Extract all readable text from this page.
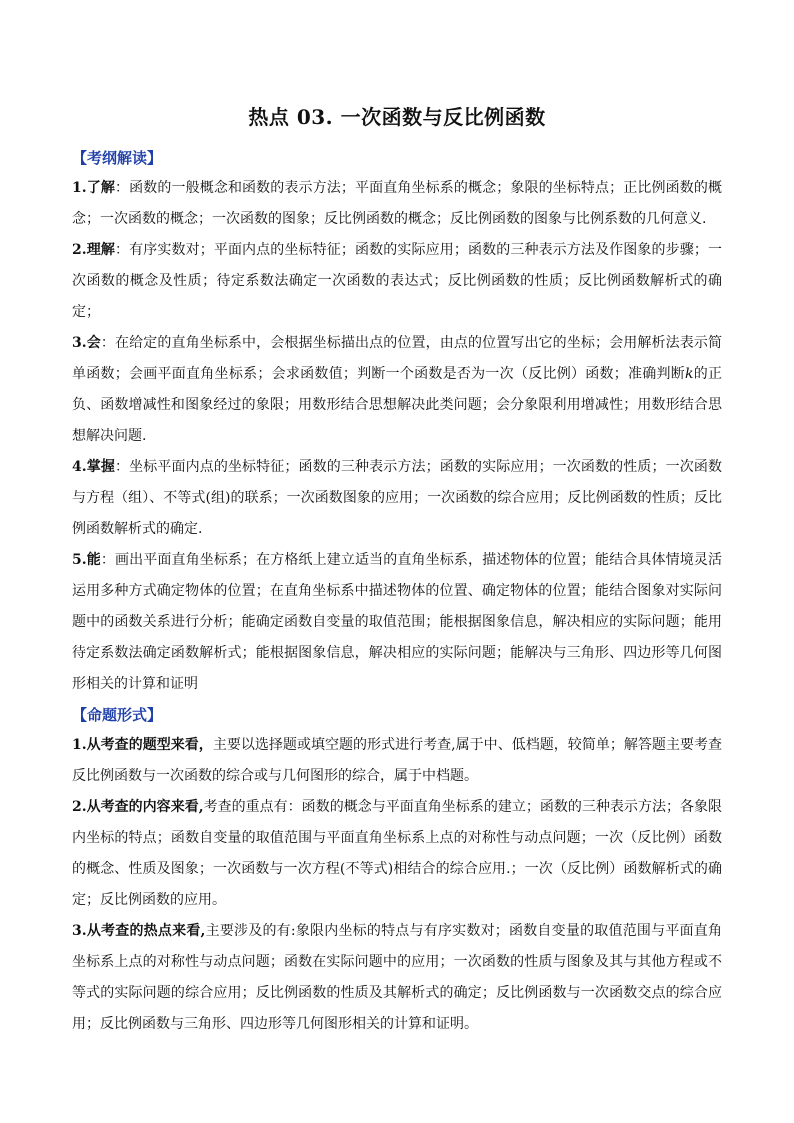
热点 03. 一次函数与反比例函数
【考纲解读】

1.了解：函数的一般概念和函数的表示方法；平面直角坐标系的概念；象限的坐标特点；正比例函数的概念；一次函数的概念；一次函数的图象；反比例函数的概念；反比例函数的图象与比例系数的几何意义.

2.理解：有序实数对；平面内点的坐标特征；函数的实际应用；函数的三种表示方法及作图象的步骤；一次函数的概念及性质；待定系数法确定一次函数的表达式；反比例函数的性质；反比例函数解析式的确定；

3.会：在给定的直角坐标系中，会根据坐标描出点的位置，由点的位置写出它的坐标；会用解析法表示简单函数；会画平面直角坐标系；会求函数值；判断一个函数是否为一次（反比例）函数；准确判断k的正负、函数增减性和图象经过的象限；用数形结合思想解决此类问题；会分象限利用增减性；用数形结合思想解决问题.

4.掌握：坐标平面内点的坐标特征；函数的三种表示方法；函数的实际应用；一次函数的性质；一次函数与方程（组）、不等式(组)的联系；一次函数图象的应用；一次函数的综合应用；反比例函数的性质；反比例函数解析式的确定.

5.能：画出平面直角坐标系；在方格纸上建立适当的直角坐标系，描述物体的位置；能结合具体情境灵活运用多种方式确定物体的位置；在直角坐标系中描述物体的位置、确定物体的位置；能结合图象对实际问题中的函数关系进行分析；能确定函数自变量的取值范围；能根据图象信息，解决相应的实际问题；能用待定系数法确定函数解析式；能根据图象信息，解决相应的实际问题；能解决与三角形、四边形等几何图形相关的计算和证明

【命题形式】

1.从考查的题型来看，主要以选择题或填空题的形式进行考查,属于中、低档题，较简单；解答题主要考查反比例函数与一次函数的综合或与几何图形的综合，属于中档题。

2.从考查的内容来看,考查的重点有：函数的概念与平面直角坐标系的建立；函数的三种表示方法；各象限内坐标的特点；函数自变量的取值范围与平面直角坐标系上点的对称性与动点问题；一次（反比例）函数的概念、性质及图象；一次函数与一次方程(不等式)相结合的综合应用.；一次（反比例）函数解析式的确定；反比例函数的应用。

3.从考查的热点来看,主要涉及的有:象限内坐标的特点与有序实数对；函数自变量的取值范围与平面直角坐标系上点的对称性与动点问题；函数在实际问题中的应用；一次函数的性质与图象及其与其他方程或不等式的实际问题的综合应用；反比例函数的性质及其解析式的确定；反比例函数与一次函数交点的综合应用；反比例函数与三角形、四边形等几何图形相关的计算和证明。
